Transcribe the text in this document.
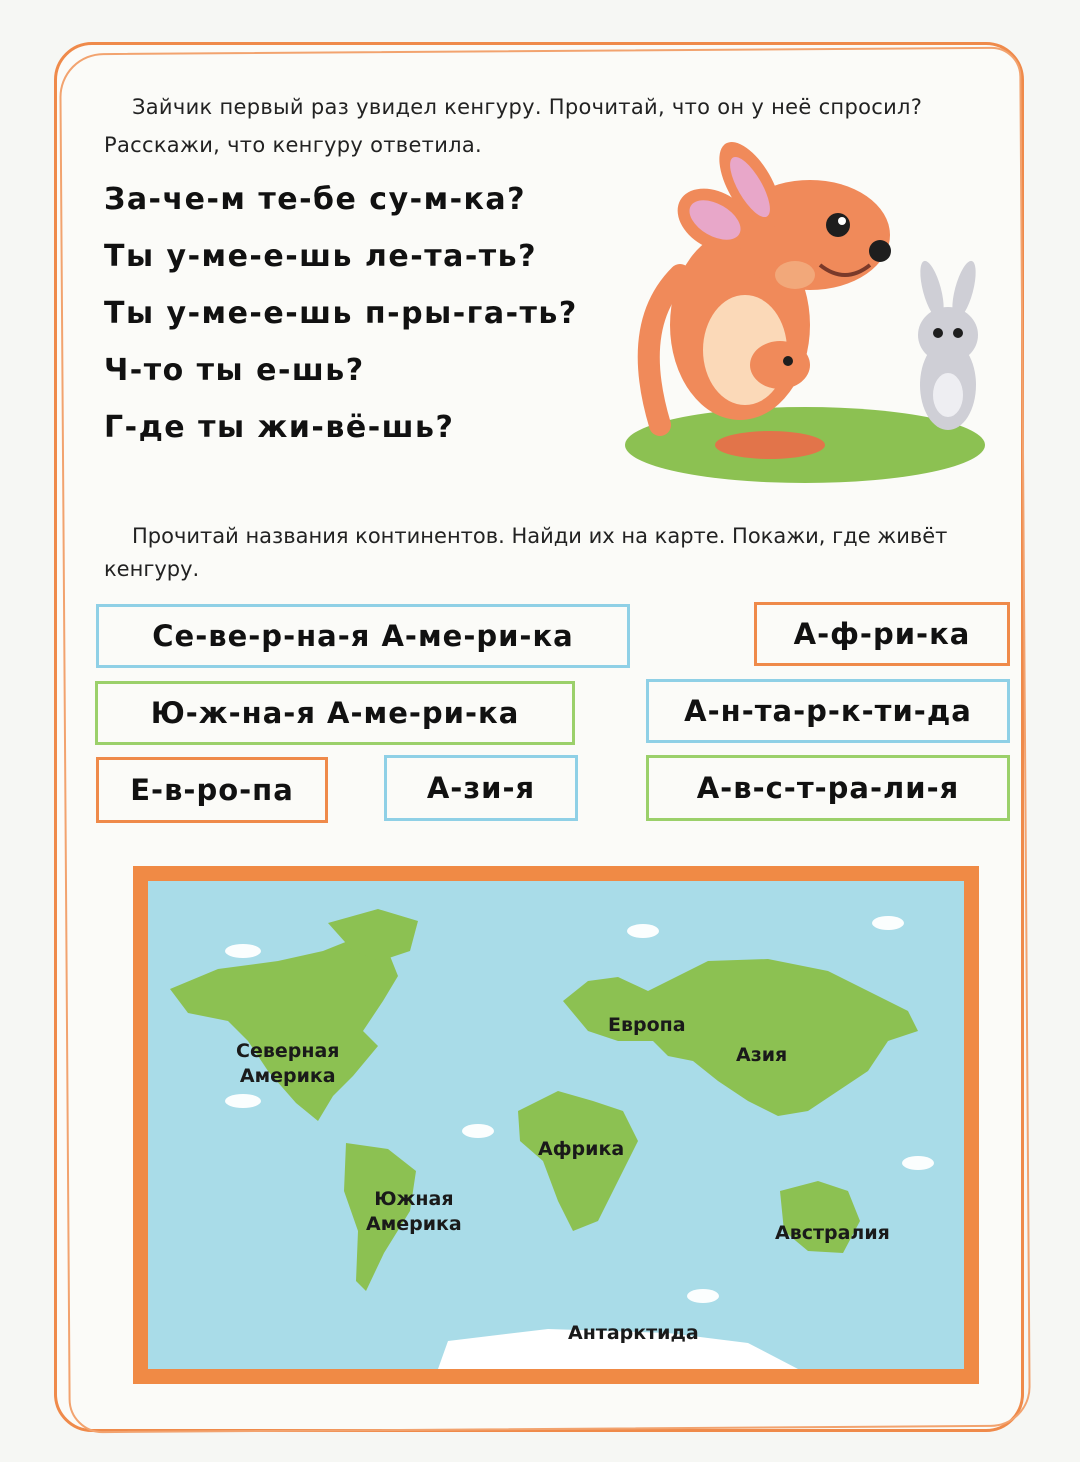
Зайчик первый раз увидел кенгуру. Прочитай, что он у неё спросил? Расскажи, что кенгуру ответила.

За-че-м те-бе су-м-ка?
Ты у-ме-е-шь ле-та-ть?
Ты у-ме-е-шь п-ры-га-ть?
Ч-то ты е-шь?
Г-де ты жи-вё-шь?

Прочитай названия континентов. Найди их на карте. Покажи, где живёт кенгуру.

Се-ве-р-на-я А-ме-ри-ка	А-ф-ри-ка
Ю-ж-на-я А-ме-ри-ка	А-н-та-р-к-ти-да
Е-в-ро-па	А-зи-я	А-в-с-т-ра-ли-я
Северная
Америка
Европа
Азия
Африка
Южная
Америка	Австралия
Антарктида
